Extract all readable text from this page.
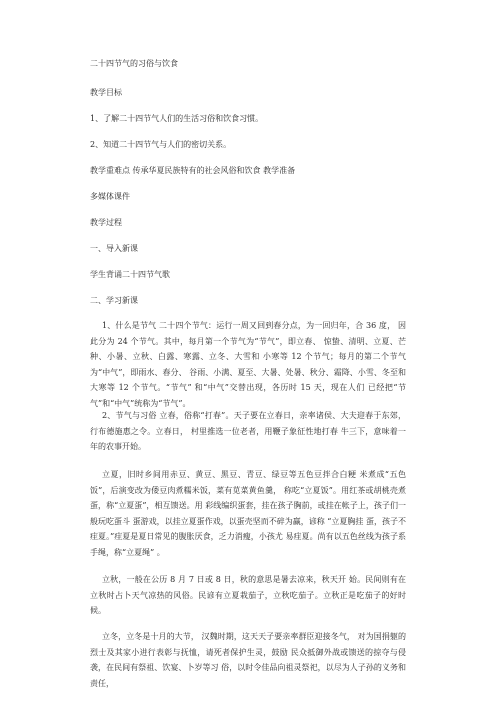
二十四节气的习俗与饮食

教学目标

1、了解二十四节气人们的生活习俗和饮食习惯。

2、知道二十四节气与人们的密切关系。

教学重难点 传承华夏民族特有的社会风俗和饮食 教学准备

多媒体课件

教学过程

一、导入新课

学生背诵二十四节气歌

二、学习新课

1、什么是节气 二十四个节气：运行一周又回到春分点，为一回归年，合 36 度， 因此分为 24 个节气。其中，每月第一个节气为“节气”，即立春、 惊蛰、清明、立夏、芒种、小暑、立秋、白露、寒露、立冬、大雪和 小寒等 12 个节气；每月的第二个节气为“中气”，即雨水、春分、 谷雨、小满、夏至、大暑、处暑、秋分、霜降、小雪、冬至和大寒等 12 个节气。“节气” 和“中气”交替出现，各历时 15 天，现在人们 已经把“节气”和“中气”统称为“节气”。

2、节气与习俗 立春，俗称“打春”。天子要在立春日，亲率诸侯、大夫迎春于东郊， 行布德施惠之令。立春日， 村里推选一位老者，用鞭子象征性地打春 牛三下，意味着一年的农事开始。

立夏，旧时乡间用赤豆、黄豆、黑豆、青豆、绿豆等五色豆拌合白粳 米煮成“五色饭”，后演变改为倭豆肉煮糯米饭，菜有苋菜黄鱼羹， 称吃“立夏饭”。用红茶或胡桃壳煮蛋，称“立夏蛋”，相互馈送。用 彩线编织蛋套，挂在孩子胸前，或挂在帐子上，孩子们一般玩吃蛋斗 蛋游戏，以挂立夏蛋作戏，以蛋壳坚而不碎为赢，谚称 “立夏胸挂 蛋，孩子不疰夏。”疰夏是夏日常见的腹胀厌食，乏力消瘦，小孩尤 易疰夏。尚有以五色丝线为孩子系手绳，称“立夏绳” 。

立秋，一般在公历 8 月 7 日或 8 日，秋的意思是暑去凉来，秋天开 始。民间则有在立秋时占卜天气凉热的风俗。民谚有立夏栽茄子，立秋吃茄子。立秋正是吃茄子的好时候。

立冬，立冬是十月的大节， 汉魏时期，这天天子要亲率群臣迎接冬气， 对为国捐躯的烈士及其家小进行表彰与抚恤，请死者保护生灵，鼓励 民众抵御外战或馈送的掠夺与侵袭，在民间有祭祖、饮宴、卜岁等习 俗，以时令佳品向祖灵祭祀，以尽为人子孙的义务和责任，
